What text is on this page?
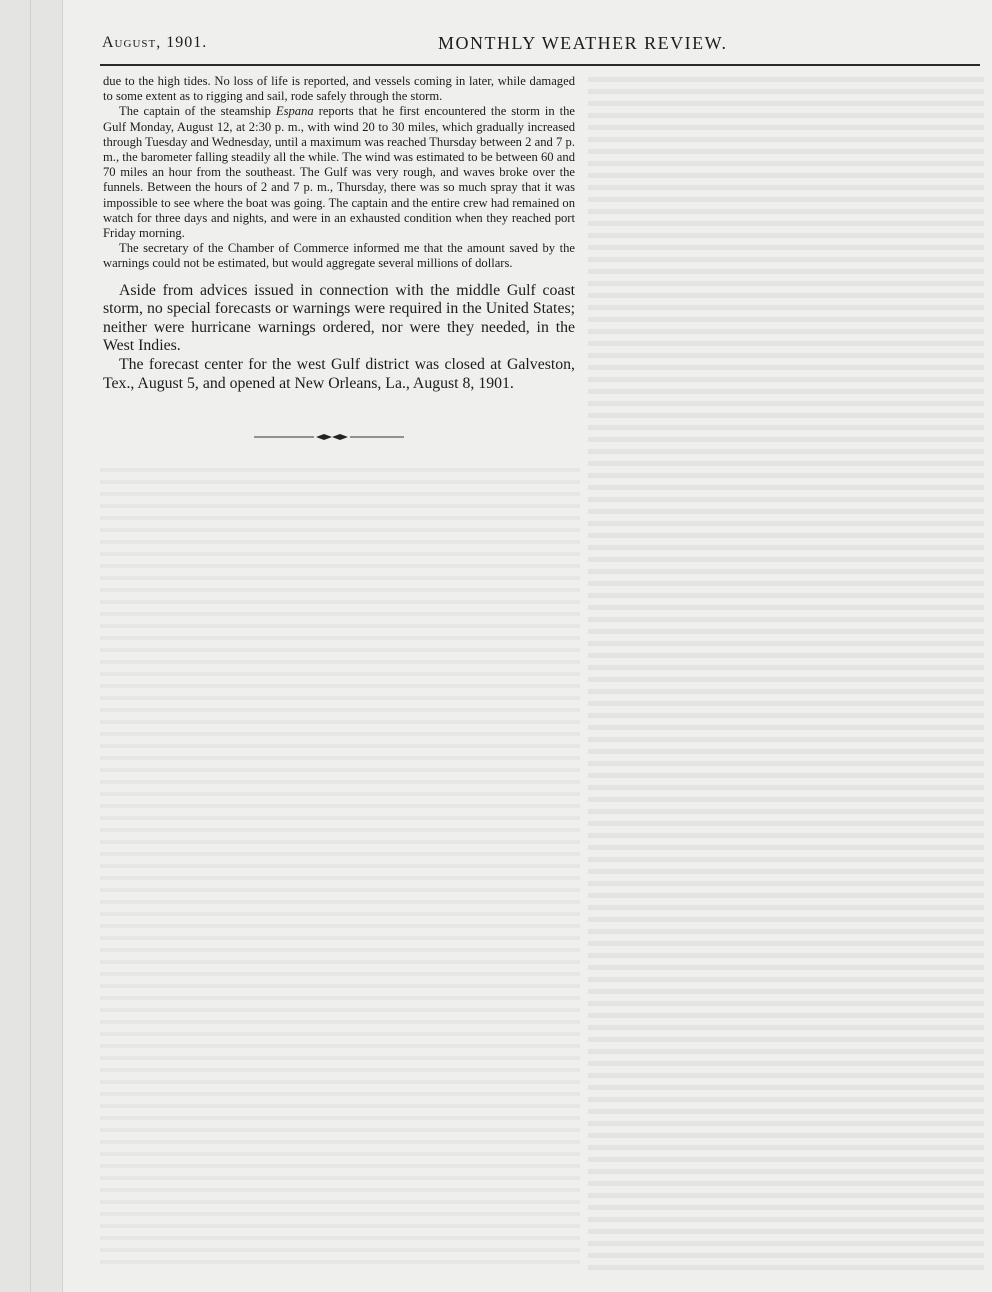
August, 1901.	MONTHLY WEATHER REVIEW.

due to the high tides. No loss of life is reported, and vessels coming in later, while damaged to some extent as to rigging and sail, rode safely through the storm.

The captain of the steamship Espana reports that he first encountered the storm in the Gulf Monday, August 12, at 2:30 p. m., with wind 20 to 30 miles, which gradually increased through Tuesday and Wednesday, until a maximum was reached Thursday between 2 and 7 p. m., the barometer falling steadily all the while. The wind was estimated to be between 60 and 70 miles an hour from the southeast. The Gulf was very rough, and waves broke over the funnels. Between the hours of 2 and 7 p. m., Thursday, there was so much spray that it was impossible to see where the boat was going. The captain and the entire crew had remained on watch for three days and nights, and were in an exhausted condition when they reached port Friday morning.

The secretary of the Chamber of Commerce informed me that the amount saved by the warnings could not be estimated, but would aggregate several millions of dollars.

Aside from advices issued in connection with the middle Gulf coast storm, no special forecasts or warnings were required in the United States; neither were hurricane warnings ordered, nor were they needed, in the West Indies.

The forecast center for the west Gulf district was closed at Galveston, Tex., August 5, and opened at New Orleans, La., August 8, 1901.
